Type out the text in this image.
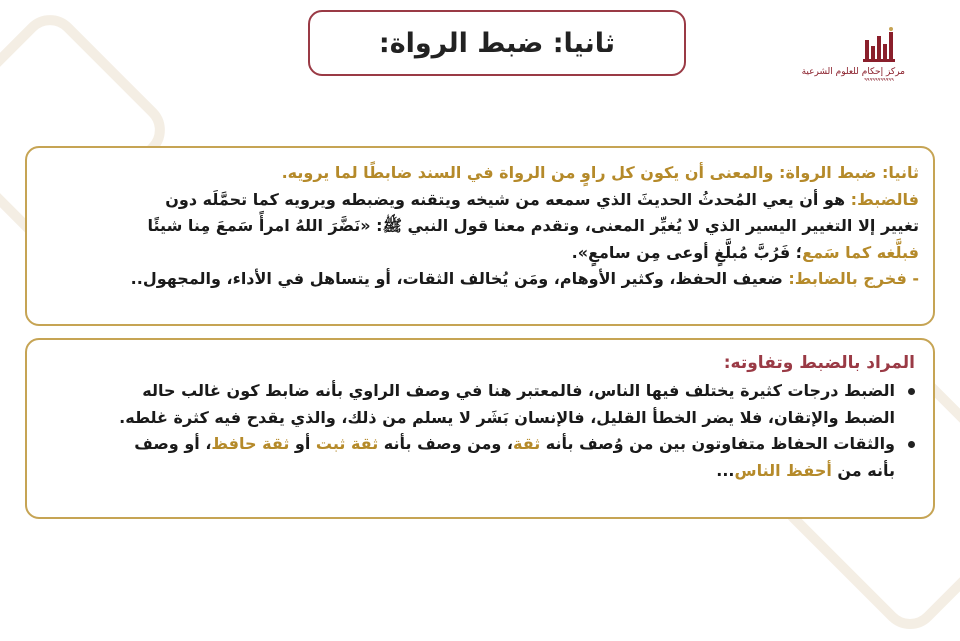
ثانيا: ضبط الرواة:
مركز إحكام للعلوم الشرعية
٩٩٩٩٩٩٩٩٩٩٩
ثانيا: ضبط الرواة: والمعنى أن يكون كل راوٍ من الرواة في السند ضابطًا لما يرويه.
فالضبط: هو أن يعي المُحدثُ الحديثَ الذي سمعه من شيخه ويتقنه ويضبطه ويرويه كما تحمَّلَه دون
تغيير إلا التغيير اليسير الذي لا يُغيِّر المعنى، وتقدم معنا قول النبي ﷺ: «نَضَّرَ اللهُ امرأً سَمعَ مِنا شيئًا
فبلَّغه كما سَمع؛ فَرُبَّ مُبلَّغٍ أوعى مِن سامعٍ».
- فخرج بالضابط: ضعيف الحفظ، وكثير الأوهام، ومَن يُخالف الثقات، أو يتساهل في الأداء، والمجهول..
المراد بالضبط وتفاوته:
الضبط درجات كثيرة يختلف فيها الناس، فالمعتبر هنا في وصف الراوي بأنه ضابط كون غالب حاله
الضبط والإتقان، فلا يضر الخطأ القليل، فالإنسان بَشَر لا يسلم من ذلك، والذي يقدح فيه كثرة غلطه.
والثقات الحفاظ متفاوتون بين من وُصف بأنه ثقة، ومن وصف بأنه ثقة ثبت أو ثقة حافظ، أو وصف
بأنه من أحفظ الناس...
